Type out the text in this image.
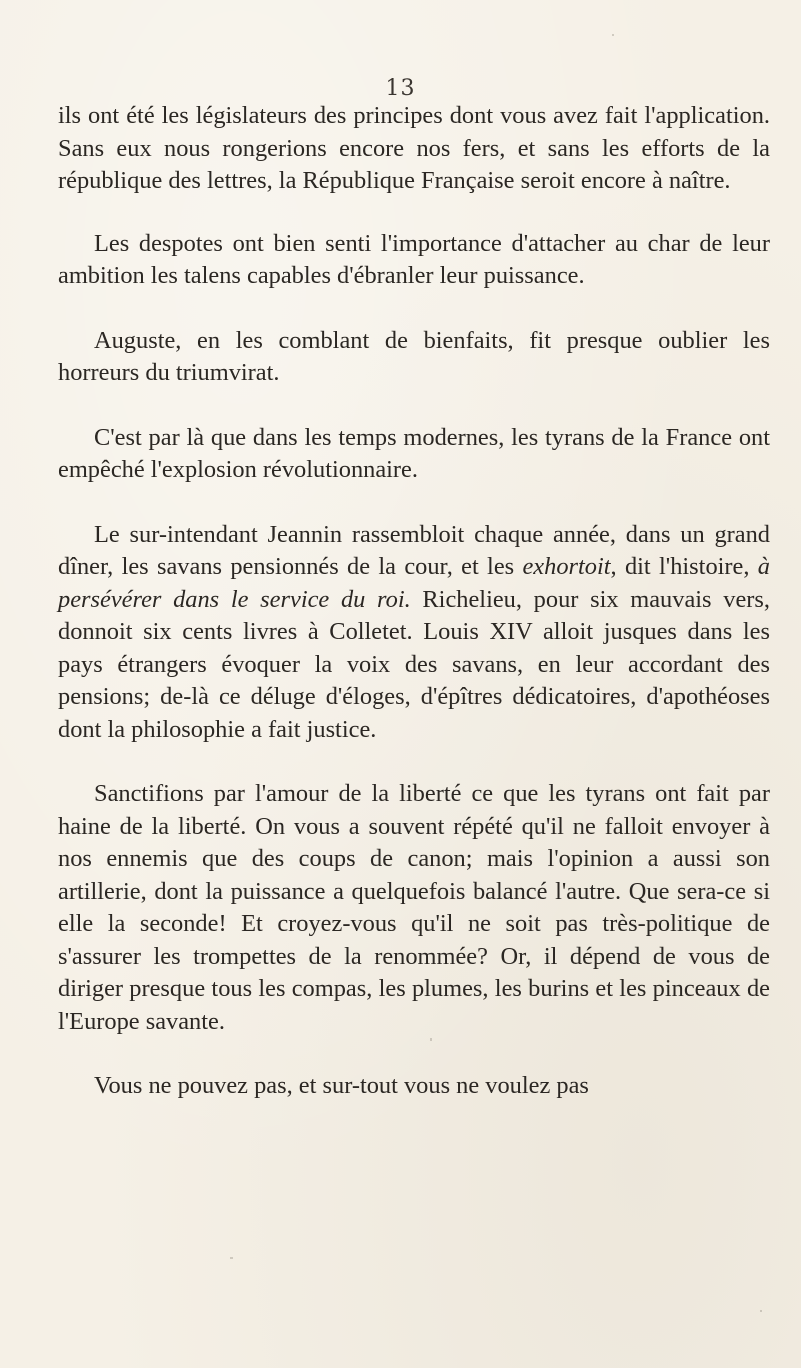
13

ils ont été les législateurs des principes dont vous avez fait l'application. Sans eux nous rongerions encore nos fers, et sans les efforts de la république des lettres, la République Française seroit encore à naître.

Les despotes ont bien senti l'importance d'attacher au char de leur ambition les talens capables d'ébranler leur puissance.

Auguste, en les comblant de bienfaits, fit presque oublier les horreurs du triumvirat.

C'est par là que dans les temps modernes, les tyrans de la France ont empêché l'explosion révolutionnaire.

Le sur-intendant Jeannin rassembloit chaque année, dans un grand dîner, les savans pensionnés de la cour, et les exhortoit, dit l'histoire, à persévérer dans le service du roi. Richelieu, pour six mauvais vers, donnoit six cents livres à Colletet. Louis XIV alloit jusques dans les pays étrangers évoquer la voix des savans, en leur accordant des pensions; de-là ce déluge d'éloges, d'épîtres dédicatoires, d'apothéoses dont la philosophie a fait justice.

Sanctifions par l'amour de la liberté ce que les tyrans ont fait par haine de la liberté. On vous a souvent répété qu'il ne falloit envoyer à nos ennemis que des coups de canon; mais l'opinion a aussi son artillerie, dont la puissance a quelquefois balancé l'autre. Que sera-ce si elle la seconde! Et croyez-vous qu'il ne soit pas très-politique de s'assurer les trompettes de la renommée? Or, il dépend de vous de diriger presque tous les compas, les plumes, les burins et les pinceaux de l'Europe savante.

Vous ne pouvez pas, et sur-tout vous ne voulez pas
